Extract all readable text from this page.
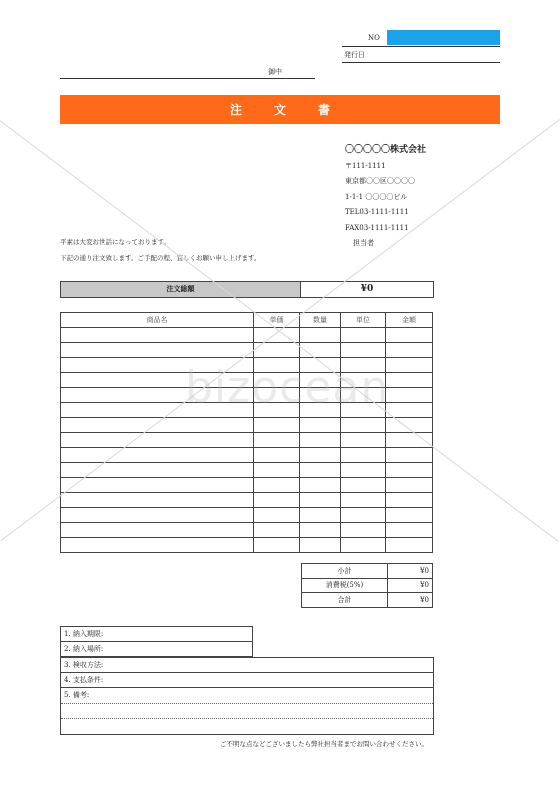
NO
発行日
御中
注	文	書
〇〇〇〇〇株式会社
〒111-1111
東京都〇〇区〇〇〇〇
1-1-1 〇〇〇〇ビル
TEL03-1111-1111
FAX03-1111-1111
担当者
平素は大変お世話になっております。
下記の通り注文致します。ご手配の程、宜しくお願い申し上げます。
注文総額	¥0
商品名	単価	数量	単位	金額

小計	¥0
消費税(5%)	¥0
合計	¥0
1. 納入期限:
2. 納入場所:
3. 検収方法:
4. 支払条件:
5. 備考:
ご不明な点などございましたら弊社担当者までお問い合わせください。
bizocean
